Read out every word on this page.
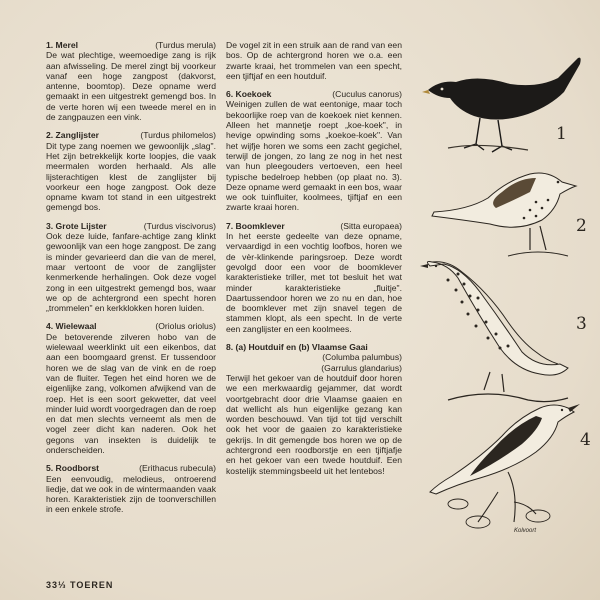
1. Merel	(Turdus merula)

De wat plechtige, weemoedige zang is rijk aan afwisseling. De merel zingt bij voorkeur vanaf een hoge zangpost (dakvorst, antenne, boomtop). Deze opname werd gemaakt in een uitgestrekt gemengd bos. In de verte horen wij een tweede merel en in de zangpauzen een vink.

2. Zanglijster	(Turdus philomelos)

Dit type zang noemen we gewoonlijk „slag". Het zijn betrekkelijk korte loopjes, die vaak meermalen worden herhaald. Als alle lijsterachtigen klest de zanglijster bij voorkeur een hoge zangpost. Ook deze opname kwam tot stand in een uitgestrekt gemengd bos.

3. Grote Lijster	(Turdus viscivorus)

Ook deze luide, fanfare-achtige zang klinkt gewoonlijk van een hoge zangpost. De zang is minder gevarieerd dan die van de merel, maar vertoont de voor de zanglijster kenmerkende herhalingen. Ook deze vogel zong in een uitgestrekt gemengd bos, waar we op de achtergrond een specht horen „trommelen" en kerkklokken horen luiden.

4. Wielewaal	(Oriolus oriolus)

De betoverende zilveren hobo van de wielewaal weerklinkt uit een eikenbos, dat aan een boomgaard grenst. Er tussendoor horen we de slag van de vink en de roep van de fluiter. Tegen het eind horen we de eigenlijke zang, volkomen afwijkend van de roep. Het is een soort gekwetter, dat veel minder luid wordt voorgedragen dan de roep en dat men slechts verneemt als men de vogel zeer dicht kan naderen. Ook het gegons van insekten is duidelijk te onderscheiden.

5. Roodborst	(Erithacus rubecula)

Een eenvoudig, melodieus, ontroerend liedje, dat we ook in de wintermaanden vaak horen. Karakteristiek zijn de toonverschillen in een enkele strofe.

De vogel zit in een struik aan de rand van een bos. Op de achtergrond horen we o.a. een zwarte kraai, het trommelen van een specht, een tjiftjaf en een houtduif.

6. Koekoek	(Cuculus canorus)

Weinigen zullen de wat eentonige, maar toch bekoorlijke roep van de koekoek niet kennen. Alleen het mannetje roept „koe-koek", in hevige opwinding soms „koekoe-koek". Van het wijfje horen we soms een zacht gegichel, terwijl de jongen, zo lang ze nog in het nest van hun pleegouders vertoeven, een heel typische bedelroep hebben (op plaat no. 3). Deze opname werd gemaakt in een bos, waar we ook tuinfluiter, koolmees, tjiftjaf en een zwarte kraai horen.

7. Boomklever	(Sitta europaea)

In het eerste gedeelte van deze opname, vervaardigd in een vochtig loofbos, horen we de vèr-klinkende paringsroep. Deze wordt gevolgd door een voor de boomklever karakteristieke triller, met tot besluit het wat minder karakteristieke „fluitje". Daartussendoor horen we zo nu en dan, hoe de boomklever met zijn snavel tegen de stammen klopt, als een specht. In de verte een zanglijster en een koolmees.

8. (a) Houtduif en (b) Vlaamse Gaai
(Columba palumbus)
(Garrulus glandarius)

Terwijl het gekoer van de houtduif door horen we een merkwaardig gejammer, dat wordt voortgebracht door drie Vlaamse gaaien en dat wellicht als hun eigenlijke gezang kan worden beschouwd. Van tijd tot tijd verschilt ook het voor de gaaien zo karakteristieke gekrijs. In dit gemengde bos horen we op de achtergrond een roodborstje en een tjiftjafje en het gekoer van een twede houtduif. Een kostelijk stemmingsbeeld uit het lentebos!

1
2
3
4
Kolvoort
33⅓ TOEREN
